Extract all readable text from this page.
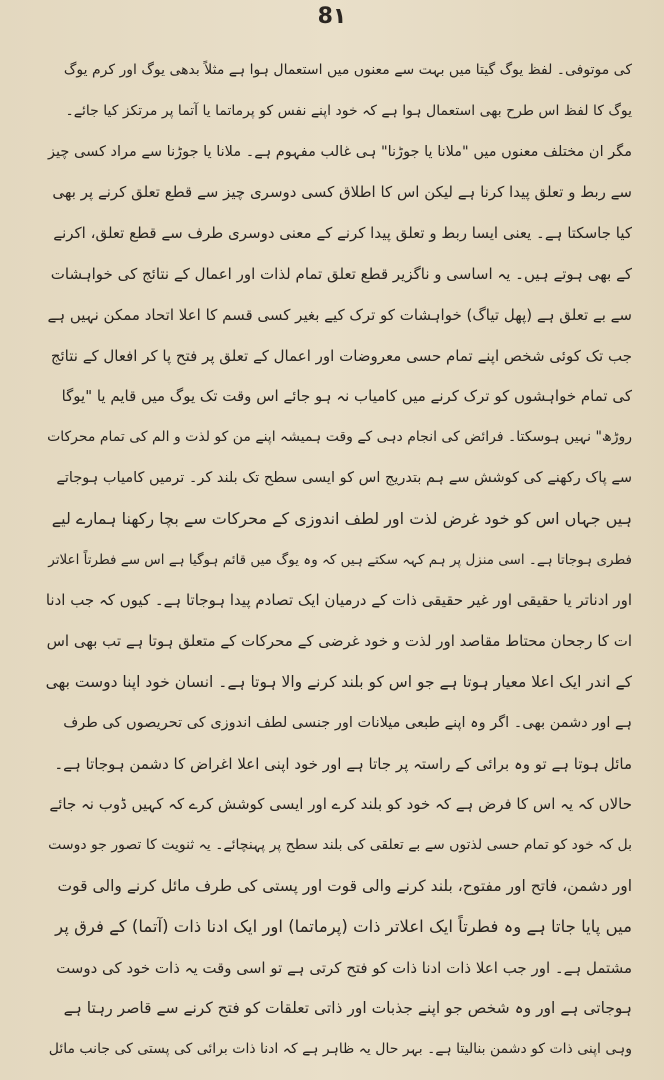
8۱
کی موتوفی۔ لفظ یوگ گیتا میں بہت سے معنوں میں استعمال ہوا ہے مثلاً بدھی یوگ اور کرم یوگ
یوگ کا لفظ اس طرح بھی استعمال ہوا ہے کہ خود اپنے نفس کو پرماتما یا آتما پر مرتکز کیا جائے۔
مگر ان مختلف معنوں میں "ملانا یا جوڑنا" ہی غالب مفہوم ہے۔ ملانا یا جوڑنا سے مراد کسی چیز
سے ربط و تعلق پیدا کرنا ہے لیکن اس کا اطلاق کسی دوسری چیز سے قطع تعلق کرنے پر بھی
کیا جاسکتا ہے۔ یعنی ایسا ربط و تعلق پیدا کرنے کے معنی دوسری طرف سے قطع تعلق، اکرنے
کے بھی ہوتے ہیں۔ یہ اساسی و ناگزیر قطع تعلق تمام لذات اور اعمال کے نتائج کی خواہشات
سے بے تعلق ہے (پھل تیاگ) خواہشات کو ترک کیے بغیر کسی قسم کا اعلا اتحاد ممکن نہیں ہے
جب تک کوئی شخص اپنے تمام حسی معروضات اور اعمال کے تعلق پر فتح پا کر افعال کے نتائج
کی تمام خواہشوں کو ترک کرنے میں کامیاب نہ ہو جائے اس وقت تک یوگ میں قایم یا "یوگا
روڑھ" نہیں ہوسکتا۔ فرائض کی انجام دہی کے وقت ہمیشہ اپنے من کو لذت و الم کی تمام محرکات
سے پاک رکھنے کی کوشش سے ہم بتدریج اس کو ایسی سطح تک بلند کر۔ ترمیں کامیاب ہوجاتے
ہیں جہاں اس کو خود غرض لذت اور لطف اندوزی کے محرکات سے بچا رکھنا ہمارے لیے
فطری ہوجاتا ہے۔ اسی منزل پر ہم کہہ سکتے ہیں کہ وہ یوگ میں قائم ہوگیا ہے اس سے فطرتاً اعلاتر
اور ادناتر یا حقیقی اور غیر حقیقی ذات کے درمیان ایک تصادم پیدا ہوجاتا ہے۔ کیوں کہ جب ادنا
ات کا رجحان محتاط مقاصد اور لذت و خود غرضی کے محرکات کے متعلق ہوتا ہے تب بھی اس
کے اندر ایک اعلا معیار ہوتا ہے جو اس کو بلند کرنے والا ہوتا ہے۔ انسان خود اپنا دوست بھی
ہے اور دشمن بھی۔ اگر وہ اپنے طبعی میلانات اور جنسی لطف اندوزی کی تحریصوں کی طرف
مائل ہوتا ہے تو وہ برائی کے راستہ پر جاتا ہے اور خود اپنی اعلا اغراض کا دشمن ہوجاتا ہے۔
حالاں کہ یہ اس کا فرض ہے کہ خود کو بلند کرے اور ایسی کوشش کرے کہ کہیں ڈوب نہ جائے
بل کہ خود کو تمام حسی لذتوں سے بے تعلقی کی بلند سطح پر پہنچائے۔ یہ ثنویت کا تصور جو دوست
اور دشمن، فاتح اور مفتوح، بلند کرنے والی قوت اور پستی کی طرف مائل کرنے والی قوت
میں پایا جاتا ہے وہ فطرتاً ایک اعلاتر ذات (پرماتما) اور ایک ادنا ذات (آتما) کے فرق پر
مشتمل ہے۔ اور جب اعلا ذات ادنا ذات کو فتح کرتی ہے تو اسی وقت یہ ذات خود کی دوست
ہوجاتی ہے اور وہ شخص جو اپنے جذبات اور ذاتی تعلقات کو فتح کرنے سے قاصر رہتا ہے
وہی اپنی ذات کو دشمن بنالیتا ہے۔ بہر حال یہ ظاہر ہے کہ ادنا ذات برائی کی پستی کی جانب مائل
